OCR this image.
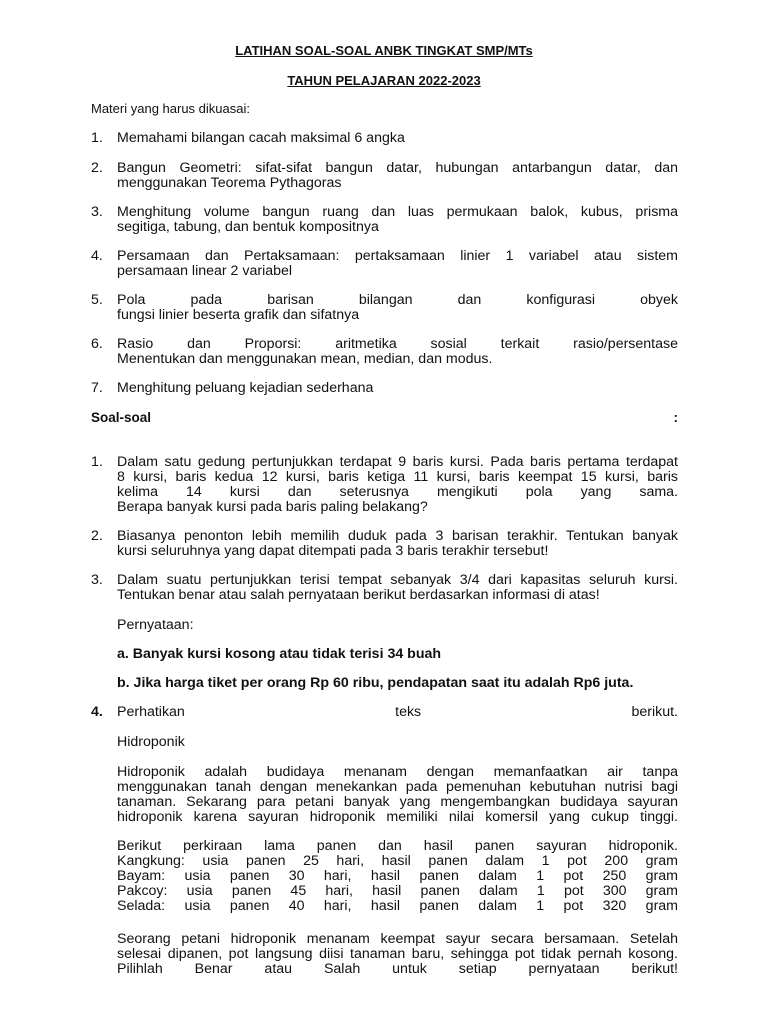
LATIHAN SOAL-SOAL ANBK TINGKAT SMP/MTs
TAHUN PELAJARAN 2022-2023
Materi yang harus dikuasai:
1. Memahami bilangan cacah maksimal 6 angka

2. Bangun Geometri: sifat-sifat bangun datar, hubungan antarbangun datar, dan

menggunakan Teorema Pythagoras

3. Menghitung volume bangun ruang dan luas permukaan balok, kubus, prisma

segitiga, tabung, dan bentuk kompositnya

4. Persamaan dan Pertaksamaan: pertaksamaan linier 1 variabel atau sistem

persamaan linear 2 variabel

5. Pola pada barisan bilangan dan konfigurasi obyek

fungsi linier beserta grafik dan sifatnya

6. Rasio dan Proporsi: aritmetika sosial terkait rasio/persentase

Menentukan dan menggunakan mean, median, dan modus.

7. Menghitung peluang kejadian sederhana

Soal-soal	:
1. Dalam satu gedung pertunjukkan terdapat 9 baris kursi. Pada baris pertama terdapat

8 kursi, baris kedua 12 kursi, baris ketiga 11 kursi, baris keempat 15 kursi, baris

kelima 14 kursi dan seterusnya mengikuti pola yang sama.

Berapa banyak kursi pada baris paling belakang?

2. Biasanya penonton lebih memilih duduk pada 3 barisan terakhir. Tentukan banyak

kursi seluruhnya yang dapat ditempati pada 3 baris terakhir tersebut!

3. Dalam suatu pertunjukkan terisi tempat sebanyak 3/4 dari kapasitas seluruh kursi.

Tentukan benar atau salah pernyataan berikut berdasarkan informasi di atas!

Pernyataan:

a. Banyak kursi kosong atau tidak terisi 34 buah

b. Jika harga tiket per orang Rp 60 ribu, pendapatan saat itu adalah Rp6 juta.

4. Perhatikan teks berikut.

Hidroponik

Hidroponik adalah budidaya menanam dengan memanfaatkan air tanpa

menggunakan tanah dengan menekankan pada pemenuhan kebutuhan nutrisi bagi

tanaman. Sekarang para petani banyak yang mengembangkan budidaya sayuran

hidroponik karena sayuran hidroponik memiliki nilai komersil yang cukup tinggi.

Berikut perkiraan lama panen dan hasil panen sayuran hidroponik.

Kangkung: usia panen 25 hari, hasil panen dalam 1 pot 200 gram

Bayam: usia panen 30 hari, hasil panen dalam 1 pot 250 gram

Pakcoy: usia panen 45 hari, hasil panen dalam 1 pot 300 gram

Selada: usia panen 40 hari, hasil panen dalam 1 pot 320 gram

Seorang petani hidroponik menanam keempat sayur secara bersamaan. Setelah

selesai dipanen, pot langsung diisi tanaman baru, sehingga pot tidak pernah kosong.

Pilihlah Benar atau Salah untuk setiap pernyataan berikut!
